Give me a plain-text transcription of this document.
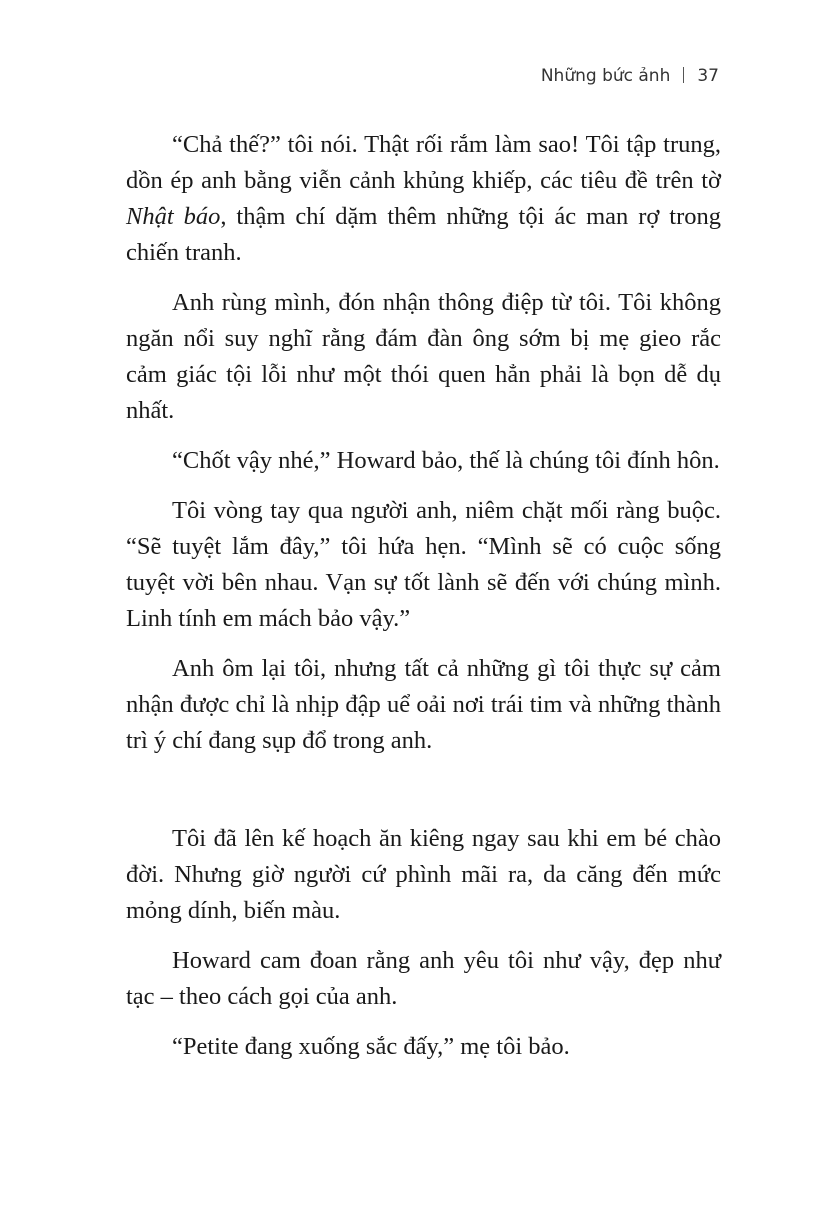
Những bức ảnh 37

“Chả thế?” tôi nói. Thật rối rắm làm sao! Tôi tập trung, dồn ép anh bằng viễn cảnh khủng khiếp, các tiêu đề trên tờ Nhật báo, thậm chí dặm thêm những tội ác man rợ trong chiến tranh.

Anh rùng mình, đón nhận thông điệp từ tôi. Tôi không ngăn nổi suy nghĩ rằng đám đàn ông sớm bị mẹ gieo rắc cảm giác tội lỗi như một thói quen hẳn phải là bọn dễ dụ nhất.

“Chốt vậy nhé,” Howard bảo, thế là chúng tôi đính hôn.

Tôi vòng tay qua người anh, niêm chặt mối ràng buộc. “Sẽ tuyệt lắm đây,” tôi hứa hẹn. “Mình sẽ có cuộc sống tuyệt vời bên nhau. Vạn sự tốt lành sẽ đến với chúng mình. Linh tính em mách bảo vậy.”

Anh ôm lại tôi, nhưng tất cả những gì tôi thực sự cảm nhận được chỉ là nhịp đập uể oải nơi trái tim và những thành trì ý chí đang sụp đổ trong anh.

Tôi đã lên kế hoạch ăn kiêng ngay sau khi em bé chào đời. Nhưng giờ người cứ phình mãi ra, da căng đến mức mỏng dính, biến màu.

Howard cam đoan rằng anh yêu tôi như vậy, đẹp như tạc – theo cách gọi của anh.

“Petite đang xuống sắc đấy,” mẹ tôi bảo.
